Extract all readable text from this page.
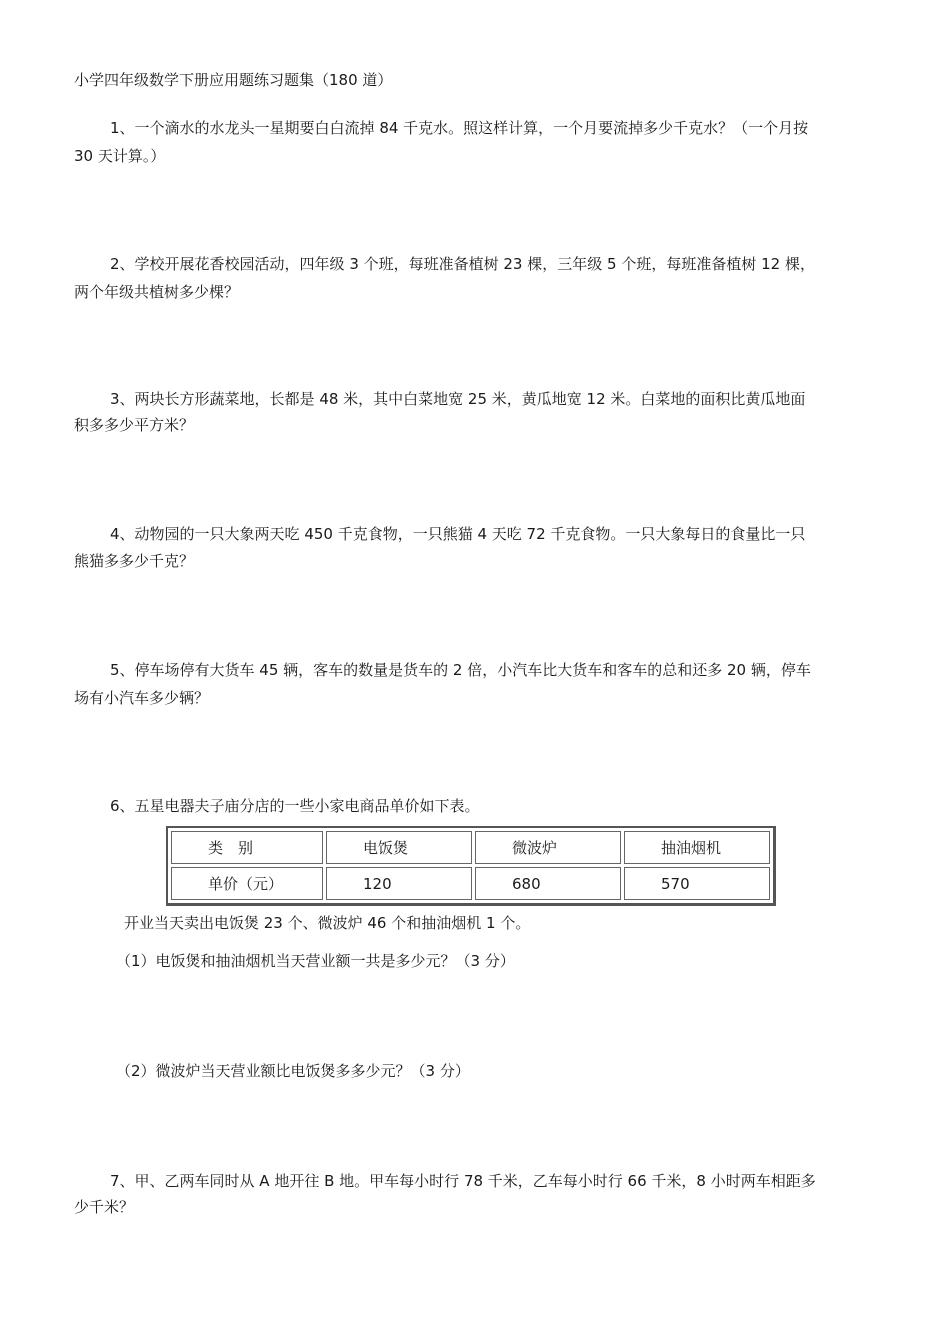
小学四年级数学下册应用题练习题集（180 道）
1、一个滴水的水龙头一星期要白白流掉 84 千克水。照这样计算，一个月要流掉多少千克水？（一个月按
30 天计算。）
2、学校开展花香校园活动，四年级 3 个班，每班准备植树 23 棵，三年级 5 个班，每班准备植树 12 棵，
两个年级共植树多少棵？
3、两块长方形蔬菜地，长都是 48 米，其中白菜地宽 25 米，黄瓜地宽 12 米。白菜地的面积比黄瓜地面
积多多少平方米？
4、动物园的一只大象两天吃 450 千克食物，一只熊猫 4 天吃 72 千克食物。一只大象每日的食量比一只
熊猫多多少千克？
5、停车场停有大货车 45 辆，客车的数量是货车的 2 倍，小汽车比大货车和客车的总和还多 20 辆，停车
场有小汽车多少辆？
6、五星电器夫子庙分店的一些小家电商品单价如下表。
类　别	电饭煲	微波炉	抽油烟机
单价（元）	120	680	570
开业当天卖出电饭煲 23 个、微波炉 46 个和抽油烟机 1 个。
（1）电饭煲和抽油烟机当天营业额一共是多少元？（3 分）
（2）微波炉当天营业额比电饭煲多多少元？（3 分）
7、甲、乙两车同时从 A 地开往 B 地。甲车每小时行 78 千米，乙车每小时行 66 千米，8 小时两车相距多
少千米？
